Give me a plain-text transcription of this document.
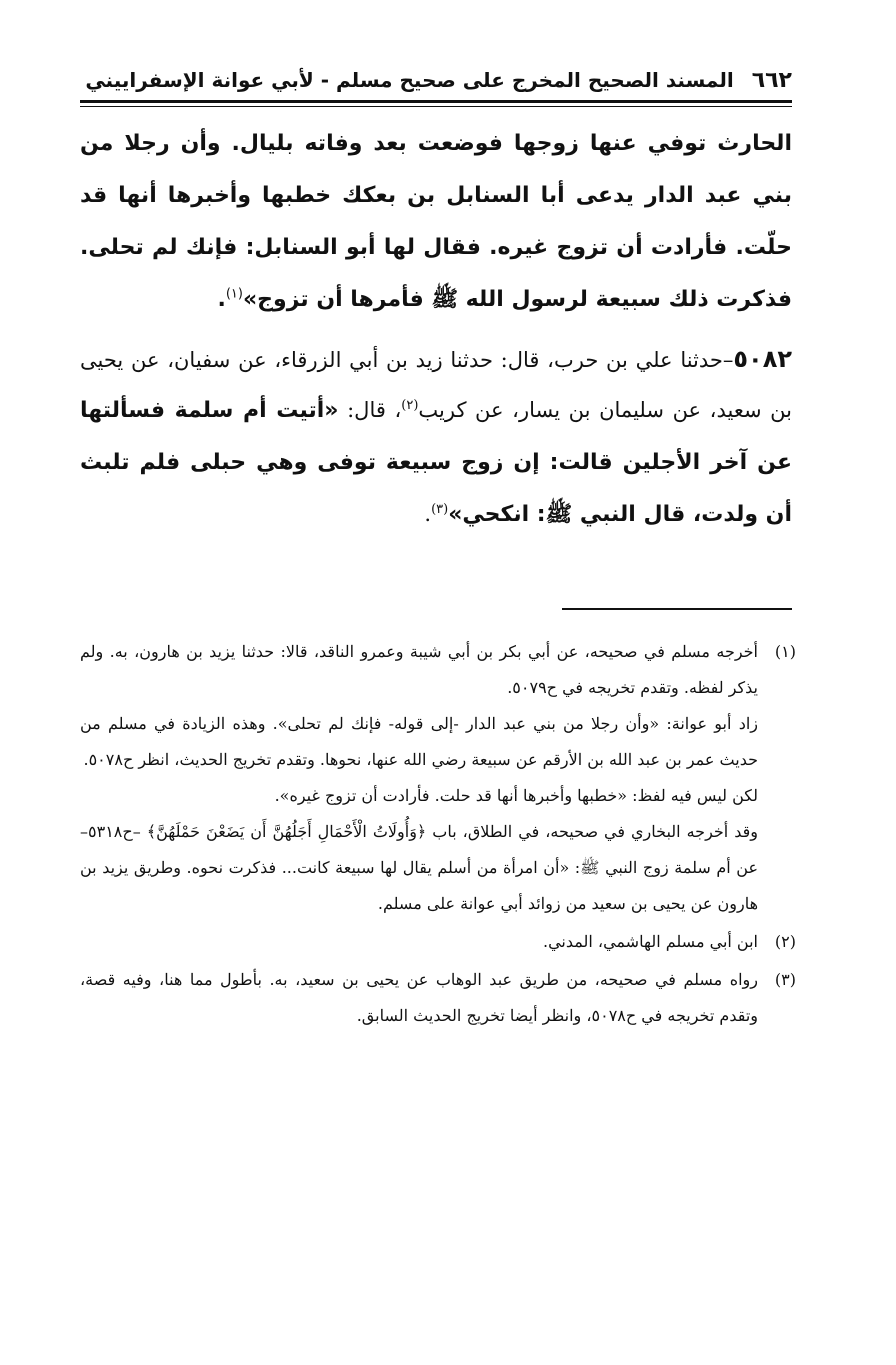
٦٦٢
المسند الصحيح المخرج على صحيح مسلم - لأبي عوانة الإسفراييني

الحارث توفي عنها زوجها فوضعت بعد وفاته بليال. وأن رجلا من بني عبد الدار يدعى أبا السنابل بن بعكك خطبها وأخبرها أنها قد حلّت. فأرادت أن تزوج غيره. فقال لها أبو السنابل: فإنك لم تحلى. فذكرت ذلك سبيعة لرسول الله ﷺ فأمرها أن تزوج»$^{(١)}$.

٥٠٨٢–حدثنا علي بن حرب، قال: حدثنا زيد بن أبي الزرقاء، عن سفيان، عن يحيى بن سعيد، عن سليمان بن يسار، عن كريب$^{(٢)}$، قال: «أتيت أم سلمة فسألتها عن آخر الأجلين قالت: إن زوج سبيعة توفى وهي حبلى فلم تلبث أن ولدت، قال النبي ﷺ: انكحي»$^{(٣)}$.

(١)

أخرجه مسلم في صحيحه، عن أبي بكر بن أبي شيبة وعمرو الناقد، قالا: حدثنا يزيد بن هارون، به. ولم يذكر لفظه. وتقدم تخريجه في ح٥٠٧٩.

زاد أبو عوانة: «وأن رجلا من بني عبد الدار -إلى قوله- فإنك لم تحلى». وهذه الزيادة في مسلم من حديث عمر بن عبد الله بن الأرقم عن سبيعة رضي الله عنها، نحوها. وتقدم تخريج الحديث، انظر ح٥٠٧٨.

لكن ليس فيه لفظ: «خطبها وأخبرها أنها قد حلت. فأرادت أن تزوج غيره».

وقد أخرجه البخاري في صحيحه، في الطلاق، باب ﴿وَأُولَاتُ الْأَحْمَالِ أَجَلُهُنَّ أَن يَضَعْنَ حَمْلَهُنَّ﴾ –ح٥٣١٨– عن أم سلمة زوج النبي ﷺ: «أن امرأة من أسلم يقال لها سبيعة كانت... فذكرت نحوه. وطريق يزيد بن هارون عن يحيى بن سعيد من زوائد أبي عوانة على مسلم.

(٢)

ابن أبي مسلم الهاشمي، المدني.

(٣)

رواه مسلم في صحيحه، من طريق عبد الوهاب عن يحيى بن سعيد، به. بأطول مما هنا، وفيه قصة، وتقدم تخريجه في ح٥٠٧٨، وانظر أيضا تخريج الحديث السابق.
